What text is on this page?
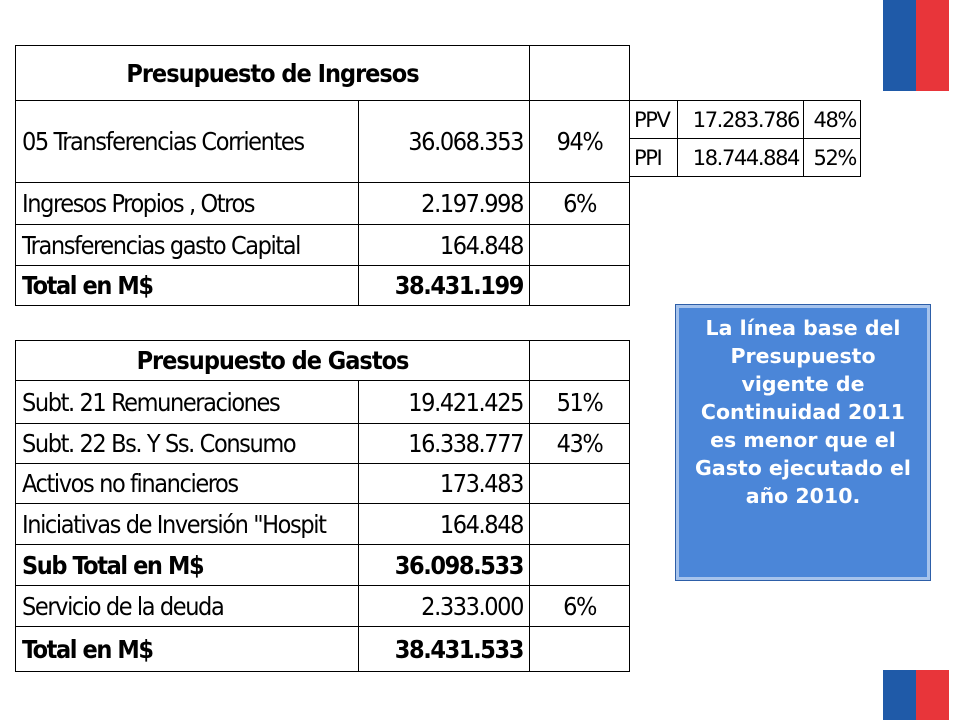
Presupuesto de Ingresos		
05 Transferencias Corrientes	36.068.353	94%
Ingresos Propios , Otros	2.197.998	6%
Transferencias gasto Capital	164.848	
Total en M$	38.431.199	
PPV	17.283.786	48%
PPI	18.744.884	52%
Presupuesto de Gastos		
Subt. 21 Remuneraciones	19.421.425	51%
Subt. 22 Bs. Y Ss. Consumo	16.338.777	43%
Activos no financieros	173.483	
Iniciativas de Inversión "Hospit	164.848	
Sub Total en M$	36.098.533	
Servicio de la deuda	2.333.000	6%
Total en M$	38.431.533	
La línea base del Presupuesto vigente de Continuidad 2011 es menor que el Gasto ejecutado el año 2010.
